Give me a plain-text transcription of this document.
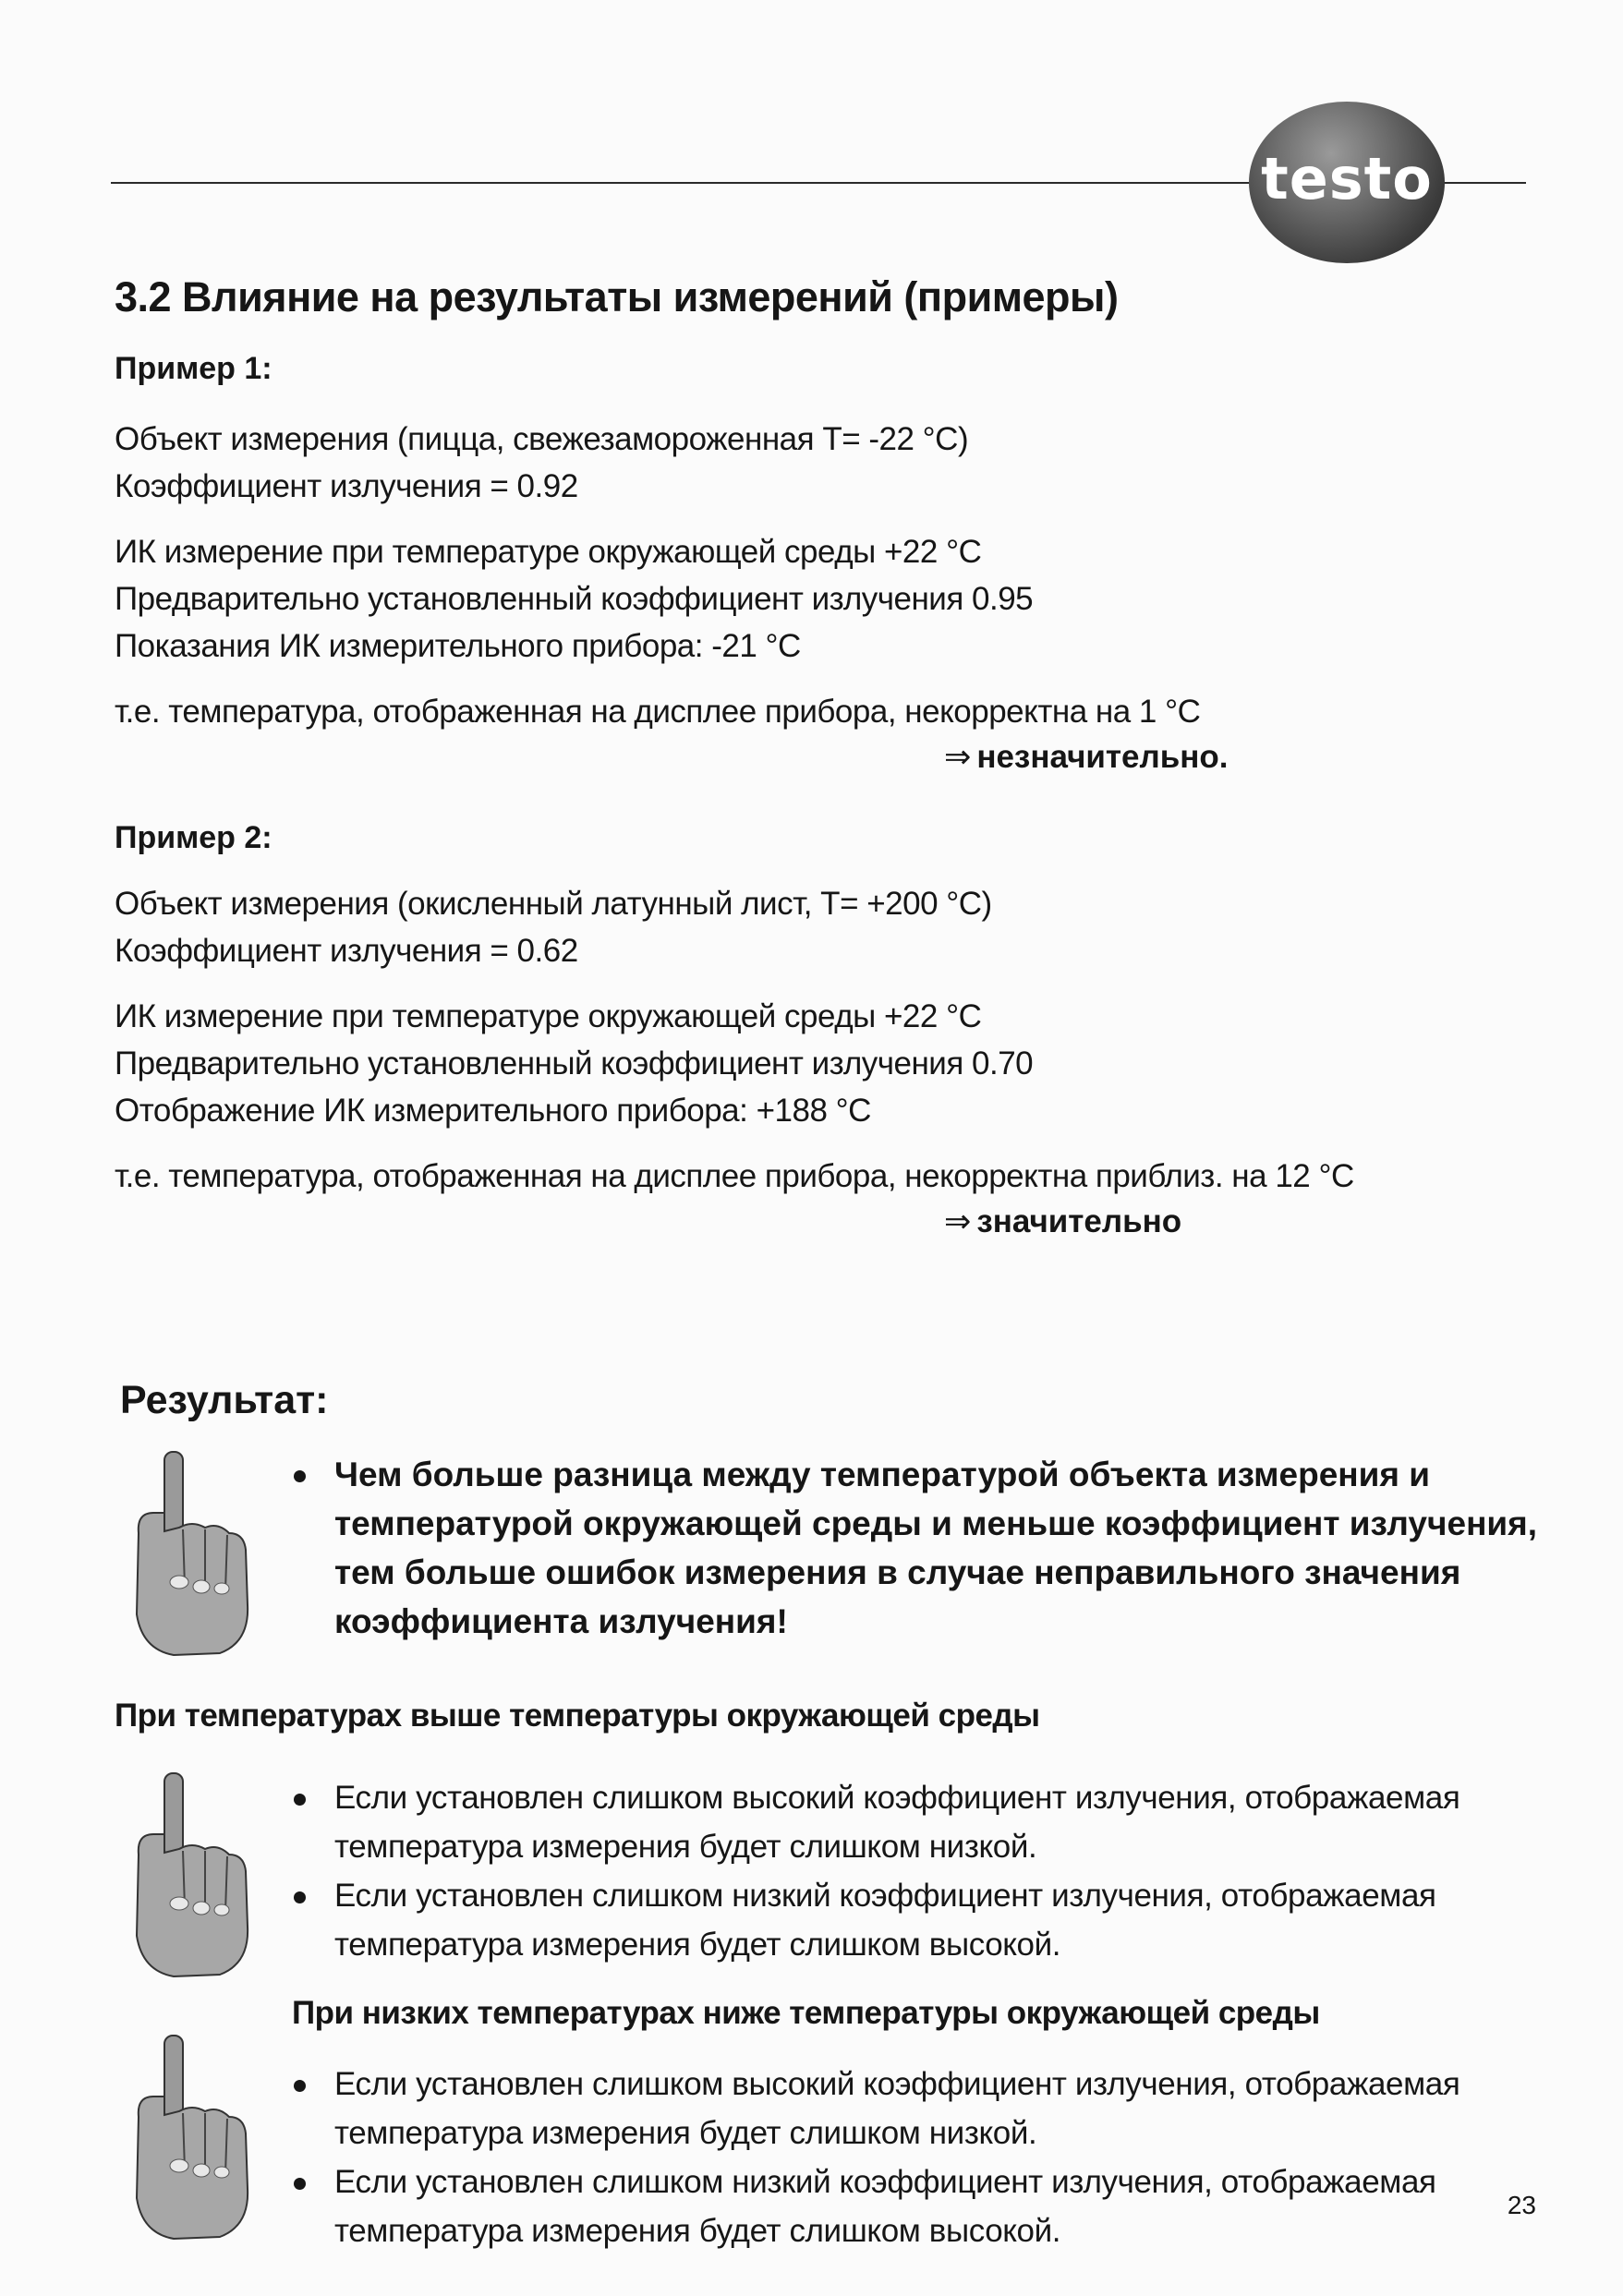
testo
3.2 Влияние на результаты измерений (примеры)
Пример 1:
Объект измерения (пицца, свежезамороженная T= -22 °C)
Коэффициент излучения = 0.92
ИК измерение при температуре окружающей среды +22 °C
Предварительно установленный коэффициент излучения 0.95
Показания ИК измерительного прибора: -21 °C
т.е. температура, отображенная на дисплее прибора, некорректна на 1 °C
⇒ незначительно.
Пример 2:
Объект измерения (окисленный латунный лист, T= +200 °C)
Коэффициент излучения = 0.62
ИК измерение при температуре окружающей среды +22 °C
Предварительно установленный коэффициент излучения 0.70
Отображение ИК измерительного прибора: +188 °C
т.е. температура, отображенная на дисплее прибора, некорректна приблиз. на 12 °C
⇒ значительно
Результат:
Чем больше разница между температурой объекта измерения и
температурой окружающей среды и меньше коэффициент излучения,
тем больше ошибок измерения в случае неправильного значения
коэффициента излучения!
При температурах выше температуры окружающей среды
Если установлен слишком высокий коэффициент излучения, отображаемая
температура измерения будет слишком низкой.
Если установлен слишком низкий коэффициент излучения, отображаемая
температура измерения будет слишком высокой.
При низких температурах ниже температуры окружающей среды
Если установлен слишком высокий коэффициент излучения, отображаемая
температура измерения будет слишком низкой.
Если установлен слишком низкий коэффициент излучения, отображаемая
температура измерения будет слишком высокой.
23
